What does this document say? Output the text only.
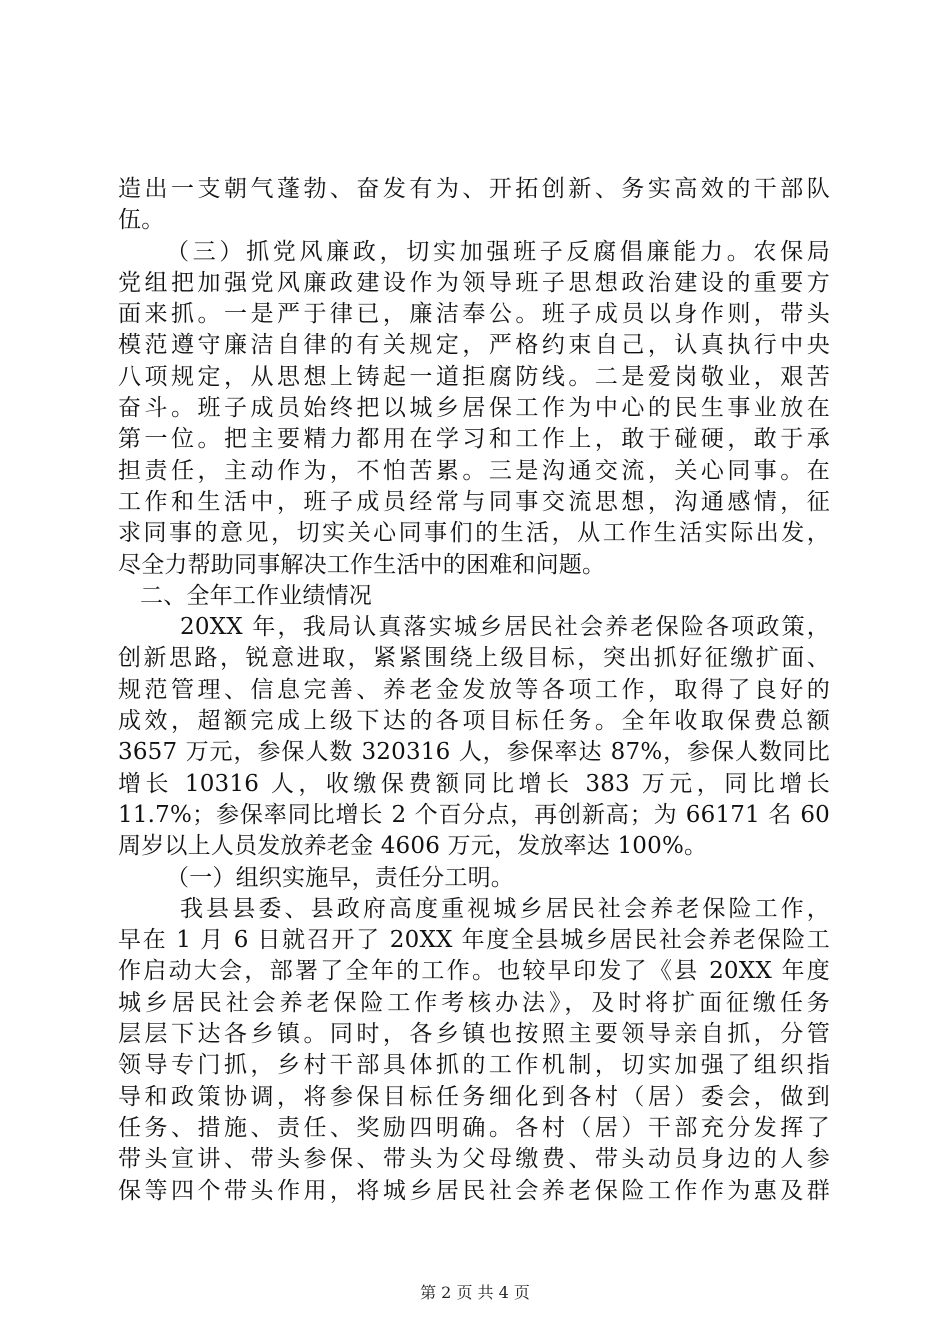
造出一支朝气蓬勃、奋发有为、开拓创新、务实高效的干部队
伍。
（三）抓党风廉政，切实加强班子反腐倡廉能力。农保局
党组把加强党风廉政建设作为领导班子思想政治建设的重要方
面来抓。一是严于律已，廉洁奉公。班子成员以身作则，带头
模范遵守廉洁自律的有关规定，严格约束自己，认真执行中央
八项规定，从思想上铸起一道拒腐防线。二是爱岗敬业，艰苦
奋斗。班子成员始终把以城乡居保工作为中心的民生事业放在
第一位。把主要精力都用在学习和工作上，敢于碰硬，敢于承
担责任，主动作为，不怕苦累。三是沟通交流，关心同事。在
工作和生活中，班子成员经常与同事交流思想，沟通感情，征
求同事的意见，切实关心同事们的生活，从工作生活实际出发，
尽全力帮助同事解决工作生活中的困难和问题。
二、全年工作业绩情况
20XX 年，我局认真落实城乡居民社会养老保险各项政策，
创新思路，锐意进取，紧紧围绕上级目标，突出抓好征缴扩面、
规范管理、信息完善、养老金发放等各项工作，取得了良好的
成效，超额完成上级下达的各项目标任务。全年收取保费总额
3657 万元，参保人数 320316 人，参保率达 87%，参保人数同比
增长 10316 人，收缴保费额同比增长 383 万元，同比增长
11.7%；参保率同比增长 2 个百分点，再创新高；为 66171 名 60
周岁以上人员发放养老金 4606 万元，发放率达 100%。
（一）组织实施早，责任分工明。
我县县委、县政府高度重视城乡居民社会养老保险工作，
早在 1 月 6 日就召开了 20XX 年度全县城乡居民社会养老保险工
作启动大会，部署了全年的工作。也较早印发了《县 20XX 年度
城乡居民社会养老保险工作考核办法》，及时将扩面征缴任务
层层下达各乡镇。同时，各乡镇也按照主要领导亲自抓，分管
领导专门抓，乡村干部具体抓的工作机制，切实加强了组织指
导和政策协调，将参保目标任务细化到各村（居）委会，做到
任务、措施、责任、奖励四明确。各村（居）干部充分发挥了
带头宣讲、带头参保、带头为父母缴费、带头动员身边的人参
保等四个带头作用，将城乡居民社会养老保险工作作为惠及群
第 2 页 共 4 页
